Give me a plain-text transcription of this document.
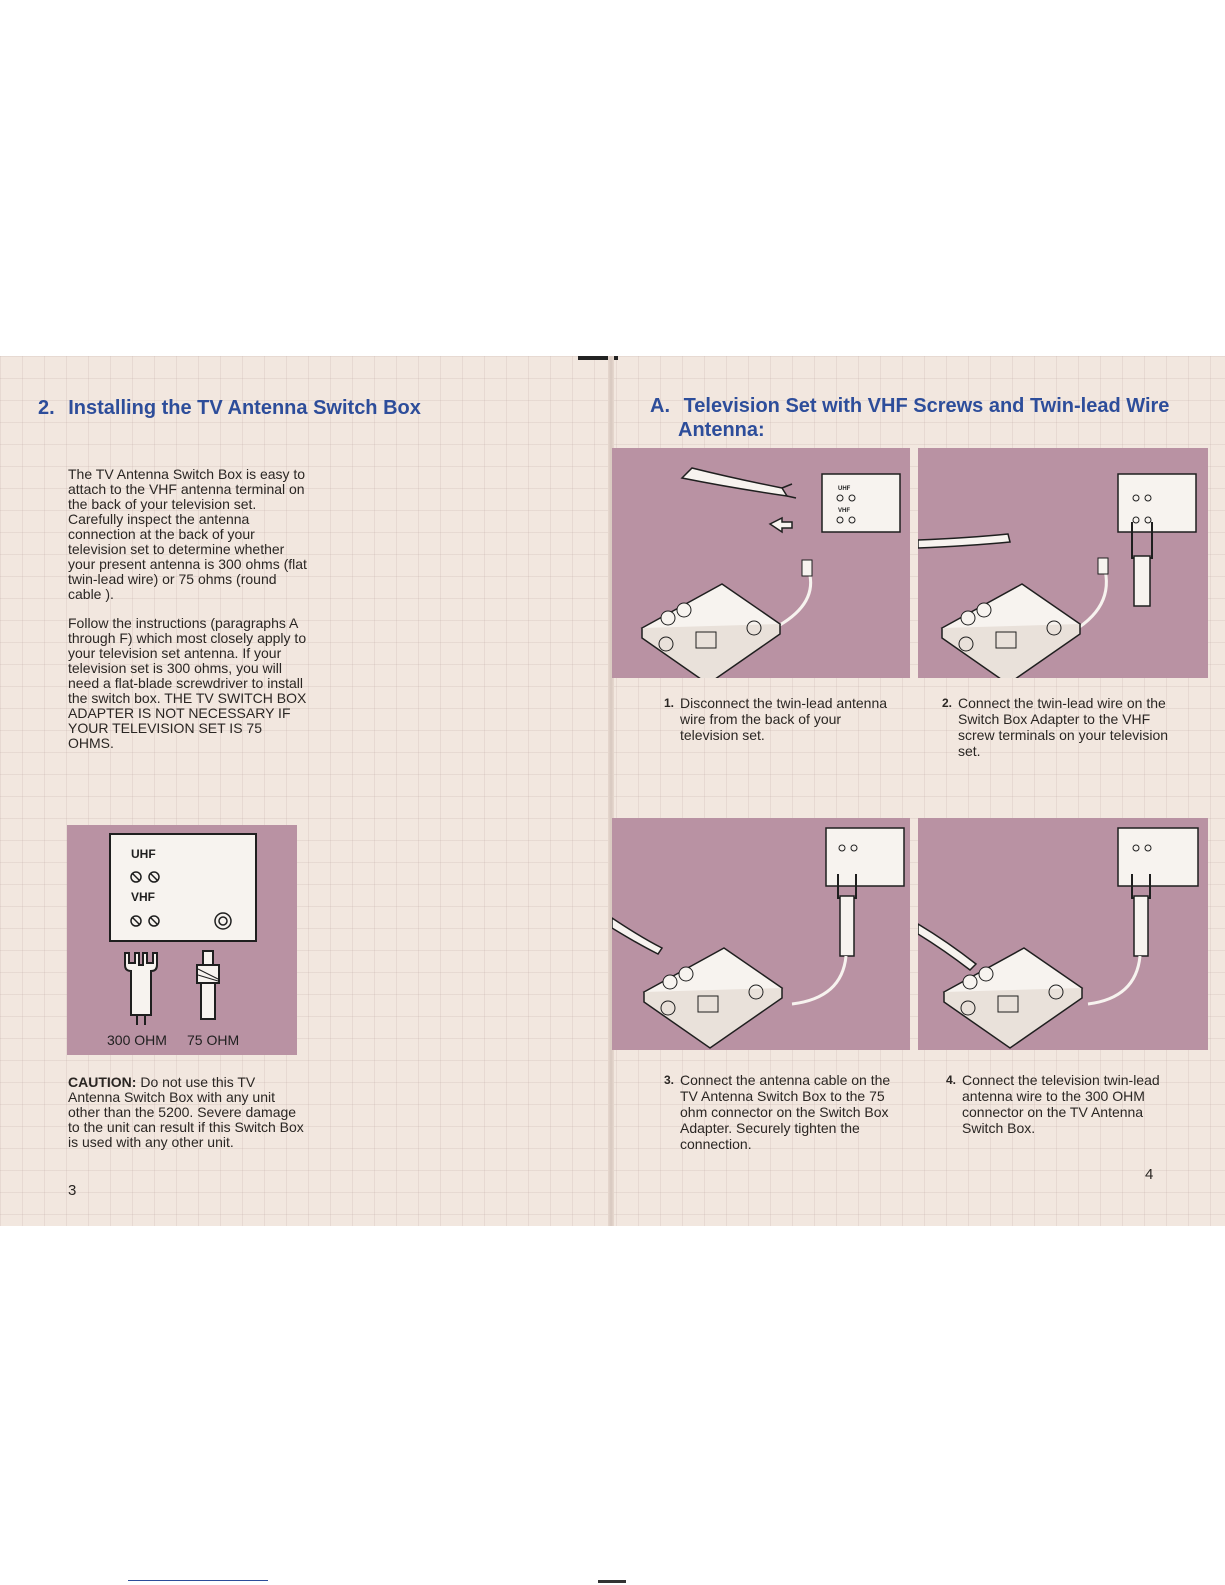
2. Installing the TV Antenna Switch Box

The TV Antenna Switch Box is easy to attach to the VHF antenna terminal on the back of your television set. Carefully inspect the antenna connection at the back of your television set to determine whether your present antenna is 300 ohms (flat twin-lead wire) or 75 ohms (round cable ).

Follow the instructions (paragraphs A through F) which most closely apply to your television set antenna. If your television set is 300 ohms, you will need a flat-blade screwdriver to install the switch box. THE TV SWITCH BOX ADAPTER IS NOT NECESSARY IF YOUR TELEVISION SET IS 75 OHMS.

UHF
VHF
300 OHM 75 OHM

CAUTION: Do not use this TV Antenna Switch Box with any unit other than the 5200. Severe damage to the unit can result if this Switch Box is used with any other unit.

3
A. Television Set with VHF Screws and Twin-lead Wire
Antenna:
UHF
VHF
1. Disconnect the twin-lead antenna wire from the back of your television set.
2. Connect the twin-lead wire on the Switch Box Adapter to the VHF screw terminals on your television set.
3. Connect the antenna cable on the TV Antenna Switch Box to the 75 ohm connector on the Switch Box Adapter. Securely tighten the connection.
4. Connect the television twin-lead antenna wire to the 300 OHM connector on the TV Antenna Switch Box.
4
